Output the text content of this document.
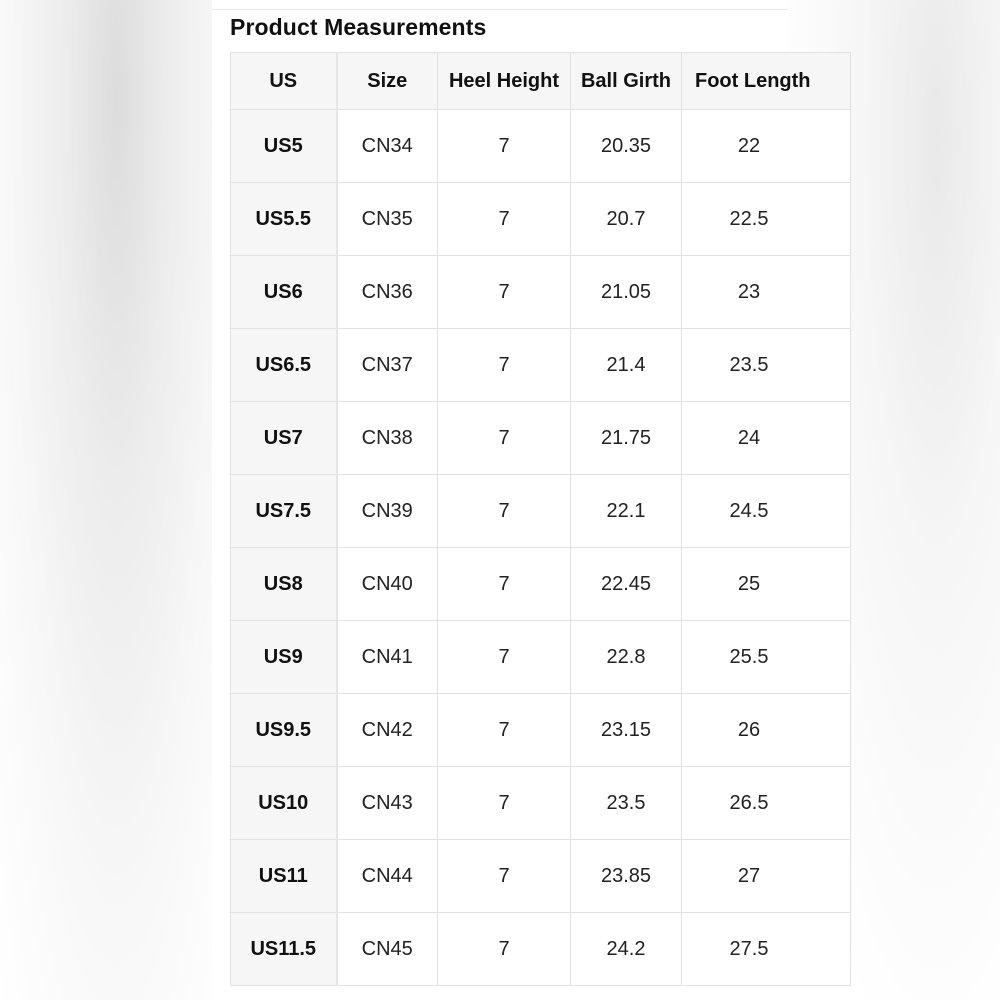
Product Measurements
US	Size	Heel Height	Ball Girth	Foot Length
US5	CN34	7	20.35	22
US5.5	CN35	7	20.7	22.5
US6	CN36	7	21.05	23
US6.5	CN37	7	21.4	23.5
US7	CN38	7	21.75	24
US7.5	CN39	7	22.1	24.5
US8	CN40	7	22.45	25
US9	CN41	7	22.8	25.5
US9.5	CN42	7	23.15	26
US10	CN43	7	23.5	26.5
US11	CN44	7	23.85	27
US11.5	CN45	7	24.2	27.5
